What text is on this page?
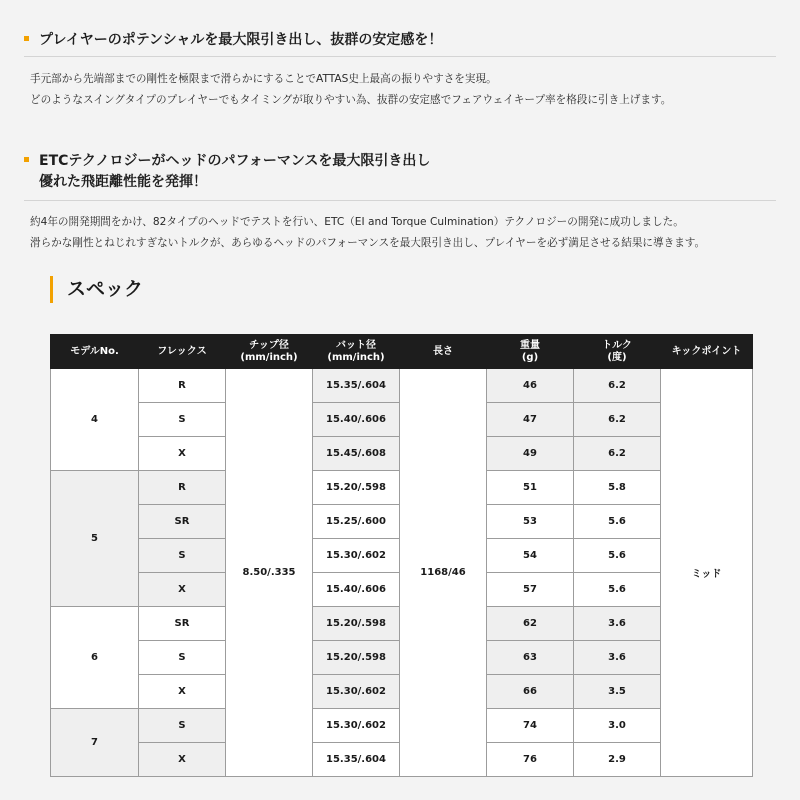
プレイヤーのポテンシャルを最大限引き出し、抜群の安定感を！
手元部から先端部までの剛性を極限まで滑らかにすることでATTAS史上最高の振りやすさを実現。
どのようなスイングタイプのプレイヤーでもタイミングが取りやすい為、抜群の安定感でフェアウェイキープ率を格段に引き上げます。
ETCテクノロジーがヘッドのパフォーマンスを最大限引き出し
優れた飛距離性能を発揮！
約4年の開発期間をかけ、82タイプのヘッドでテストを行い、ETC（EI and Torque Culmination）テクノロジーの開発に成功しました。
滑らかな剛性とねじれすぎないトルクが、あらゆるヘッドのパフォーマンスを最大限引き出し、プレイヤーを必ず満足させる結果に導きます。
スペック
モデルNo.	フレックス	チップ径
(mm/inch)	バット径
(mm/inch)	長さ	重量
(g)	トルク
(度)	キックポイント
4	R	8.50/.335	15.35/.604	1168/46	46	6.2	ミッド
	S		15.40/.606		47	6.2	
	X		15.45/.608		49	6.2	
5	R		15.20/.598		51	5.8	
	SR		15.25/.600		53	5.6	
	S		15.30/.602		54	5.6	
	X		15.40/.606		57	5.6	
6	SR		15.20/.598		62	3.6	
	S		15.20/.598		63	3.6	
	X		15.30/.602		66	3.5	
7	S		15.30/.602		74	3.0	
	X		15.35/.604		76	2.9	
